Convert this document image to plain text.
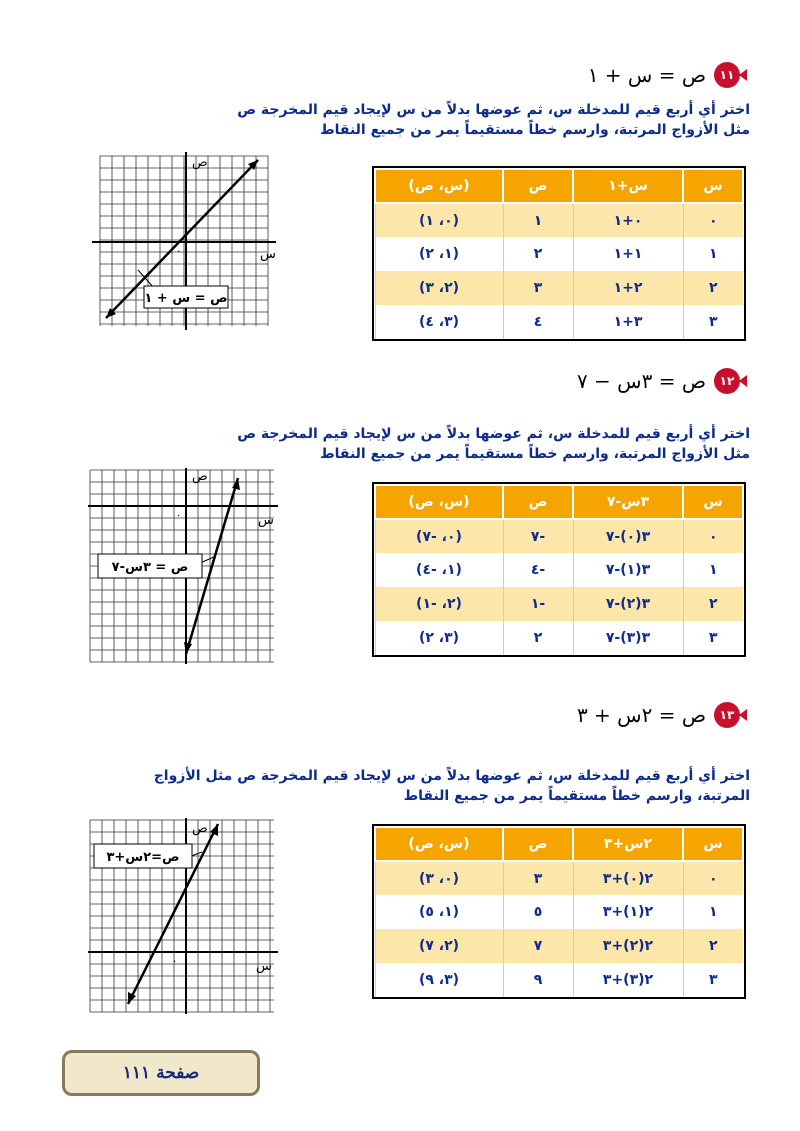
١١
ص = س + ١
اختر أي أربع قيم للمدخلة س، ثم عوضها بدلاً من س لإيجاد قيم المخرجة ص
مثل الأزواج المرتبة، وارسم خطاً مستقيماً يمر من جميع النقاط
س	س+١	ص	(س، ص)
٠	٠+١	١	(٠، ١)
١	١+١	٢	(١، ٢)
٢	٢+١	٣	(٢، ٣)
٣	٣+١	٤	(٣، ٤)
ص
س
٠
ص = س + ١
١٢
ص = ٣س − ٧
اختر أي أربع قيم للمدخلة س، ثم عوضها بدلاً من س لإيجاد قيم المخرجة ص
مثل الأزواج المرتبة، وارسم خطاً مستقيماً يمر من جميع النقاط
س	٣س-٧	ص	(س، ص)
٠	٣(٠)-٧	-٧	(٠، -٧)
١	٣(١)-٧	-٤	(١، -٤)
٢	٣(٢)-٧	-١	(٢، -١)
٣	٣(٣)-٧	٢	(٣، ٢)
ص
س
٠
ص = ٣س-٧
١٣
ص = ٢س + ٣
اختر أي أربع قيم للمدخلة س، ثم عوضها بدلاً من س لإيجاد قيم المخرجة ص مثل الأزواج
المرتبة، وارسم خطاً مستقيماً يمر من جميع النقاط
س	٢س+٣	ص	(س، ص)
٠	٢(٠)+٣	٣	(٠، ٣)
١	٢(١)+٣	٥	(١، ٥)
٢	٢(٢)+٣	٧	(٢، ٧)
٣	٢(٣)+٣	٩	(٣، ٩)
ص
س
٠
ص=٢س+٣
صفحة ١١١
